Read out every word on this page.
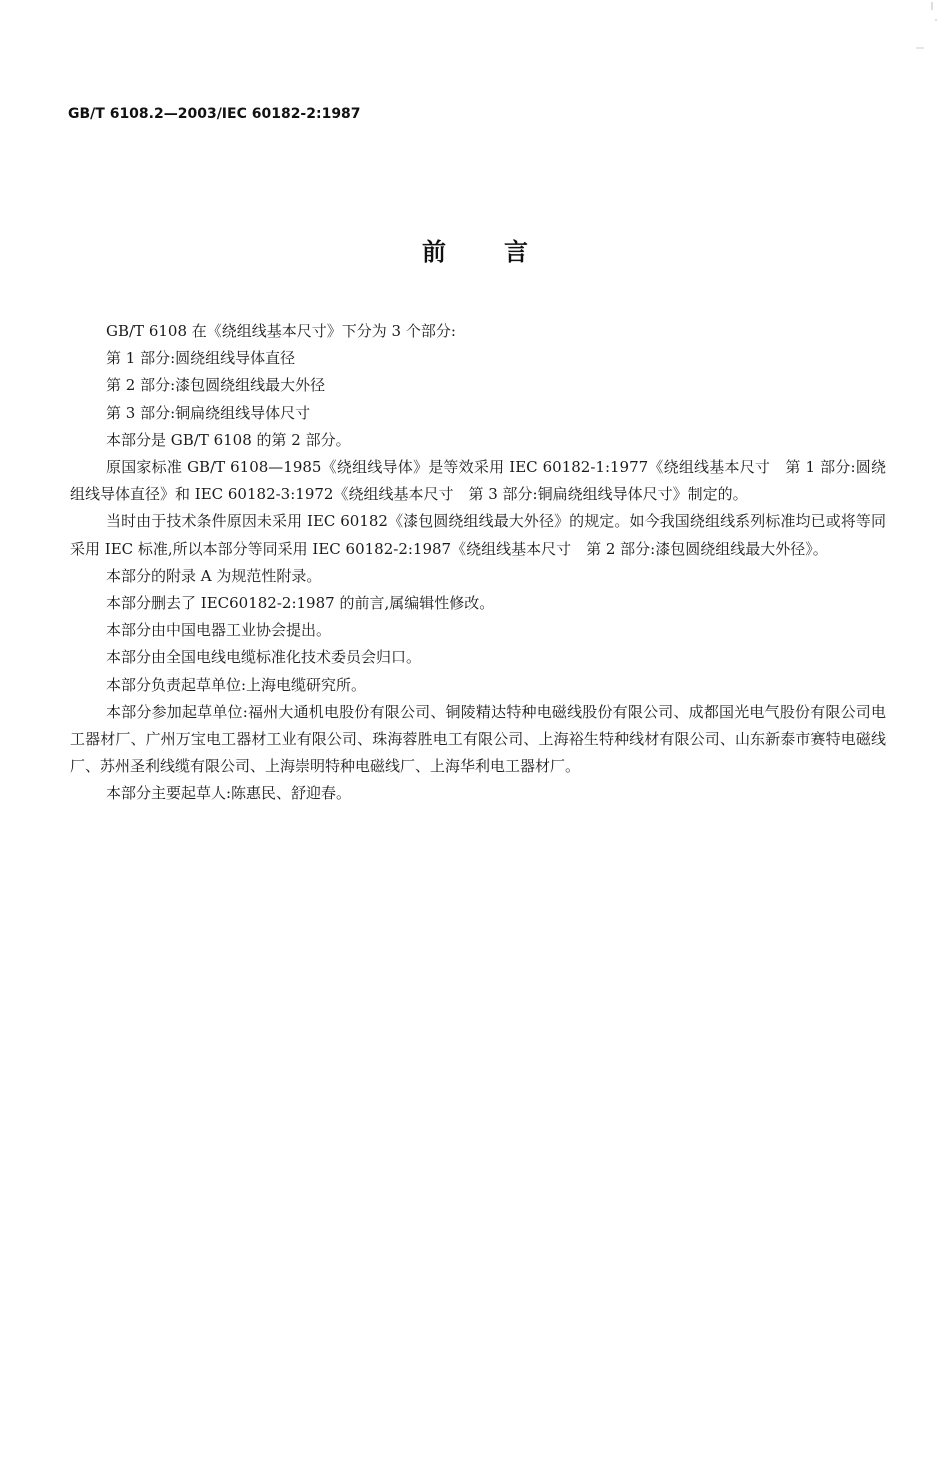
GB/T 6108.2—2003/IEC 60182-2:1987
前言

GB/T 6108 在《绕组线基本尺寸》下分为 3 个部分:

第 1 部分:圆绕组线导体直径

第 2 部分:漆包圆绕组线最大外径

第 3 部分:铜扁绕组线导体尺寸

本部分是 GB/T 6108 的第 2 部分。

原国家标准 GB/T 6108—1985《绕组线导体》是等效采用 IEC 60182-1:1977《绕组线基本尺寸　第 1 部分:圆绕组线导体直径》和 IEC 60182-3:1972《绕组线基本尺寸　第 3 部分:铜扁绕组线导体尺寸》制定的。

当时由于技术条件原因未采用 IEC 60182《漆包圆绕组线最大外径》的规定。如今我国绕组线系列标准均已或将等同采用 IEC 标准,所以本部分等同采用 IEC 60182-2:1987《绕组线基本尺寸　第 2 部分:漆包圆绕组线最大外径》。

本部分的附录 A 为规范性附录。

本部分删去了 IEC60182-2:1987 的前言,属编辑性修改。

本部分由中国电器工业协会提出。

本部分由全国电线电缆标准化技术委员会归口。

本部分负责起草单位:上海电缆研究所。

本部分参加起草单位:福州大通机电股份有限公司、铜陵精达特种电磁线股份有限公司、成都国光电气股份有限公司电工器材厂、广州万宝电工器材工业有限公司、珠海蓉胜电工有限公司、上海裕生特种线材有限公司、山东新泰市赛特电磁线厂、苏州圣利线缆有限公司、上海崇明特种电磁线厂、上海华利电工器材厂。

本部分主要起草人:陈惠民、舒迎春。
